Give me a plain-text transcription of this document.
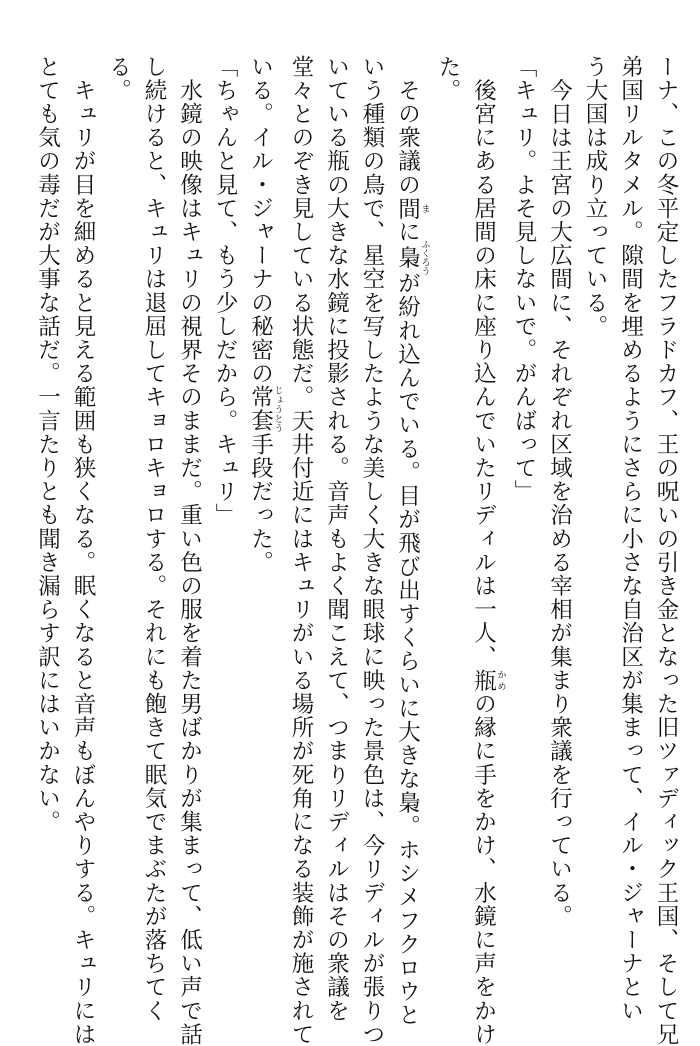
ーナ、この冬平定したフラドカフ、王の呪いの引き金となった旧ツァディック王国、そして兄
弟国リルタメル。隙間を埋めるようにさらに小さな自治区が集まって、イル・ジャーナとい
う大国は成り立っている。
　今日は王宮の大広間に、それぞれ区域を治める宰相が集まり衆議を行っている。
「キュリ。よそ見しないで。がんばって」
　後宮にある居間の床に座り込んでいたリディルは一人、瓶 かめの縁に手をかけ、水鏡に声をかけ
た。
　その衆議の間 まに梟 ふくろうが紛れ込んでいる。目が飛び出すくらいに大きな梟。ホシメフクロウと
いう種類の鳥で、星空を写したような美しく大きな眼球に映った景色は、今リディルが張りつ
いている瓶の大きな水鏡に投影される。音声もよく聞こえて、つまりリディルはその衆議を
堂々とのぞき見している状態だ。天井付近にはキュリがいる場所が死角になる装飾が施されて
いる。イル・ジャーナの秘密の常套 じょうとう手段だった。
「ちゃんと見て、もう少しだから。キュリ」
　水鏡の映像はキュリの視界そのままだ。重い色の服を着た男ばかりが集まって、低い声で話
し続けると、キュリは退屈してキョロキョロする。それにも飽きて眠気でまぶたが落ちてく
る。
　キュリが目を細めると見える範囲も狭くなる。眠くなると音声もぼんやりする。キュリには
とても気の毒だが大事な話だ。一言たりとも聞き漏らす訳にはいかない。
